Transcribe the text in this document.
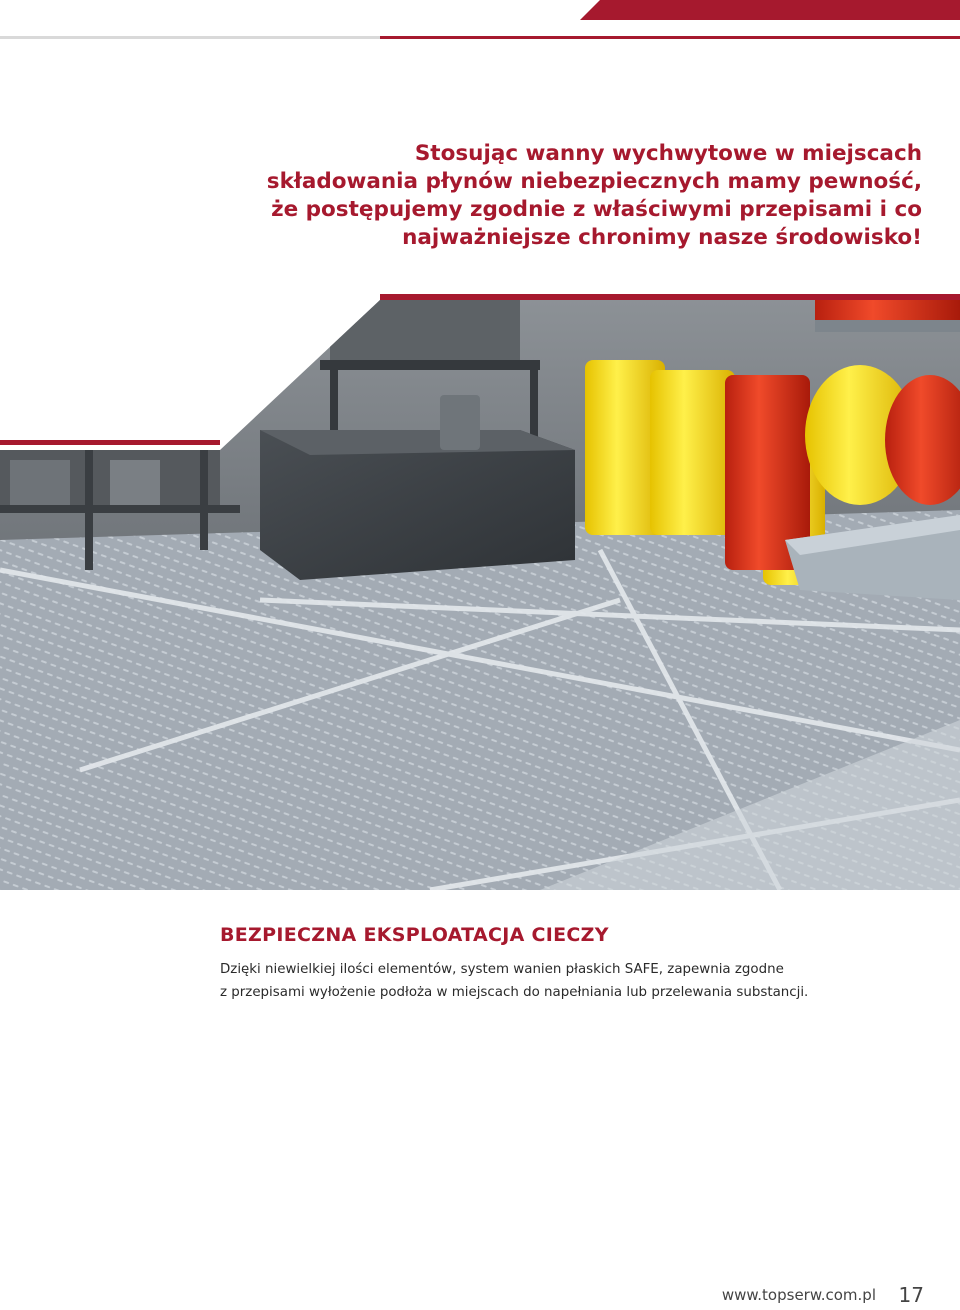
Stosując wanny wychwytowe w miejscach
składowania płynów niebezpiecznych mamy pewność,
że postępujemy zgodnie z właściwymi przepisami i co
najważniejsze chronimy nasze środowisko!
BEZPIECZNA EKSPLOATACJA CIECZY
Dzięki niewielkiej ilości elementów, system wanien płaskich SAFE, zapewnia zgodne
z przepisami wyłożenie podłoża w miejscach do napełniania lub przelewania substancji.
www.topserw.com.pl 17
